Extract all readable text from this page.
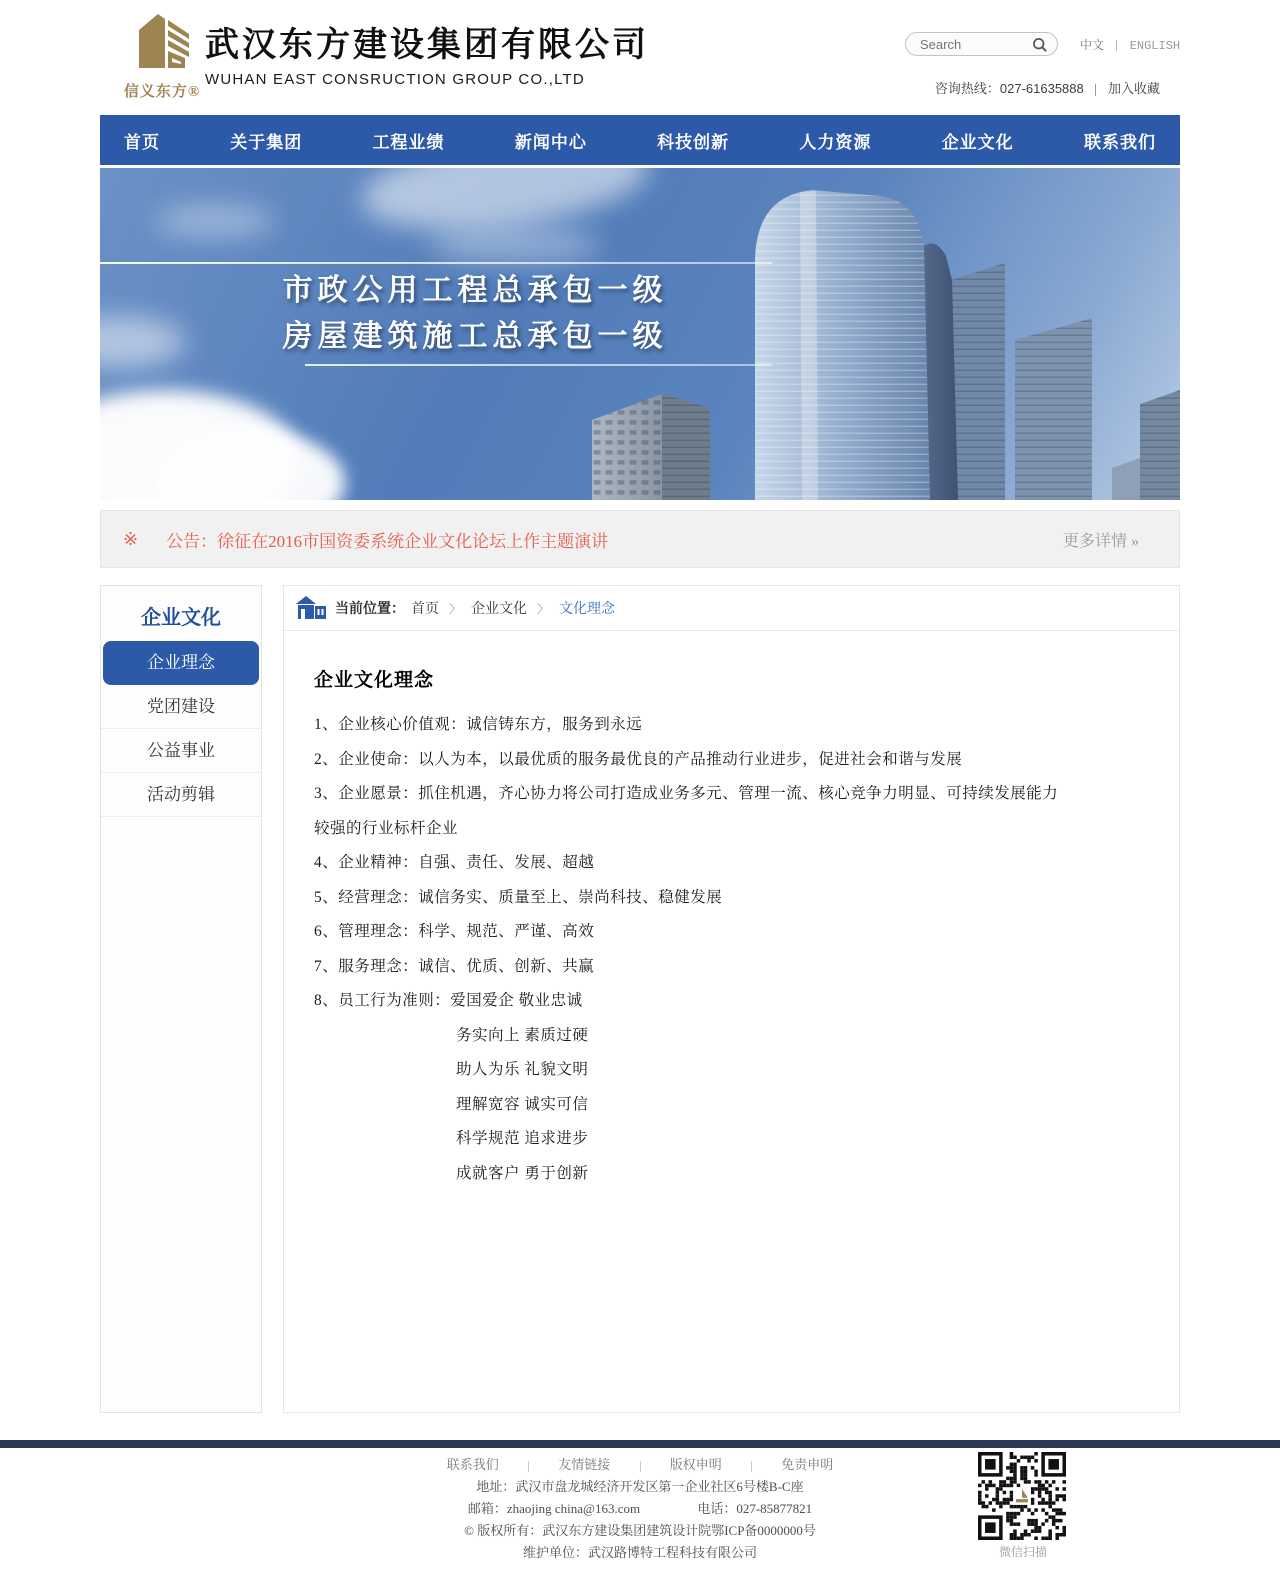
信义东方®
武汉东方建设集团有限公司
WUHAN EAST CONSRUCTION GROUP CO.,LTD
Search
中文 ENGLISH
咨询热线：027-61635888 加入收藏
首页	关于集团	工程业绩	新闻中心	科技创新	人力资源	企业文化	联系我们
市政公用工程总承包一级
房屋建筑施工总承包一级
※ 公告：徐征在2016市国资委系统企业文化论坛上作主题演讲	更多详情 »
企业文化
企业理念
党团建设
公益事业
活动剪辑
当前位置： 首页 〉 企业文化 〉 文化理念
企业文化理念

1、企业核心价值观：诚信铸东方，服务到永远

2、企业使命：以人为本，以最优质的服务最优良的产品推动行业进步，促进社会和谐与发展

3、企业愿景：抓住机遇，齐心协力将公司打造成业务多元、管理一流、核心竞争力明显、可持续发展能力

较强的行业标杆企业

4、企业精神：自强、责任、发展、超越

5、经营理念：诚信务实、质量至上、崇尚科技、稳健发展

6、管理理念：科学、规范、严谨、高效

7、服务理念：诚信、优质、创新、共赢

8、员工行为准则：爱国爱企 敬业忠诚

务实向上 素质过硬

助人为乐 礼貌文明

理解宽容 诚实可信

科学规范 追求进步

成就客户 勇于创新

联系我们	友情链接	版权申明	免责申明

地址：武汉市盘龙城经济开发区第一企业社区6号楼B-C座

邮箱：zhaojing china@163.com	电话：027-85877821

© 版权所有：武汉东方建设集团建筑设计院鄂ICP备0000000号

维护单位：武汉路博特工程科技有限公司	微信扫描
